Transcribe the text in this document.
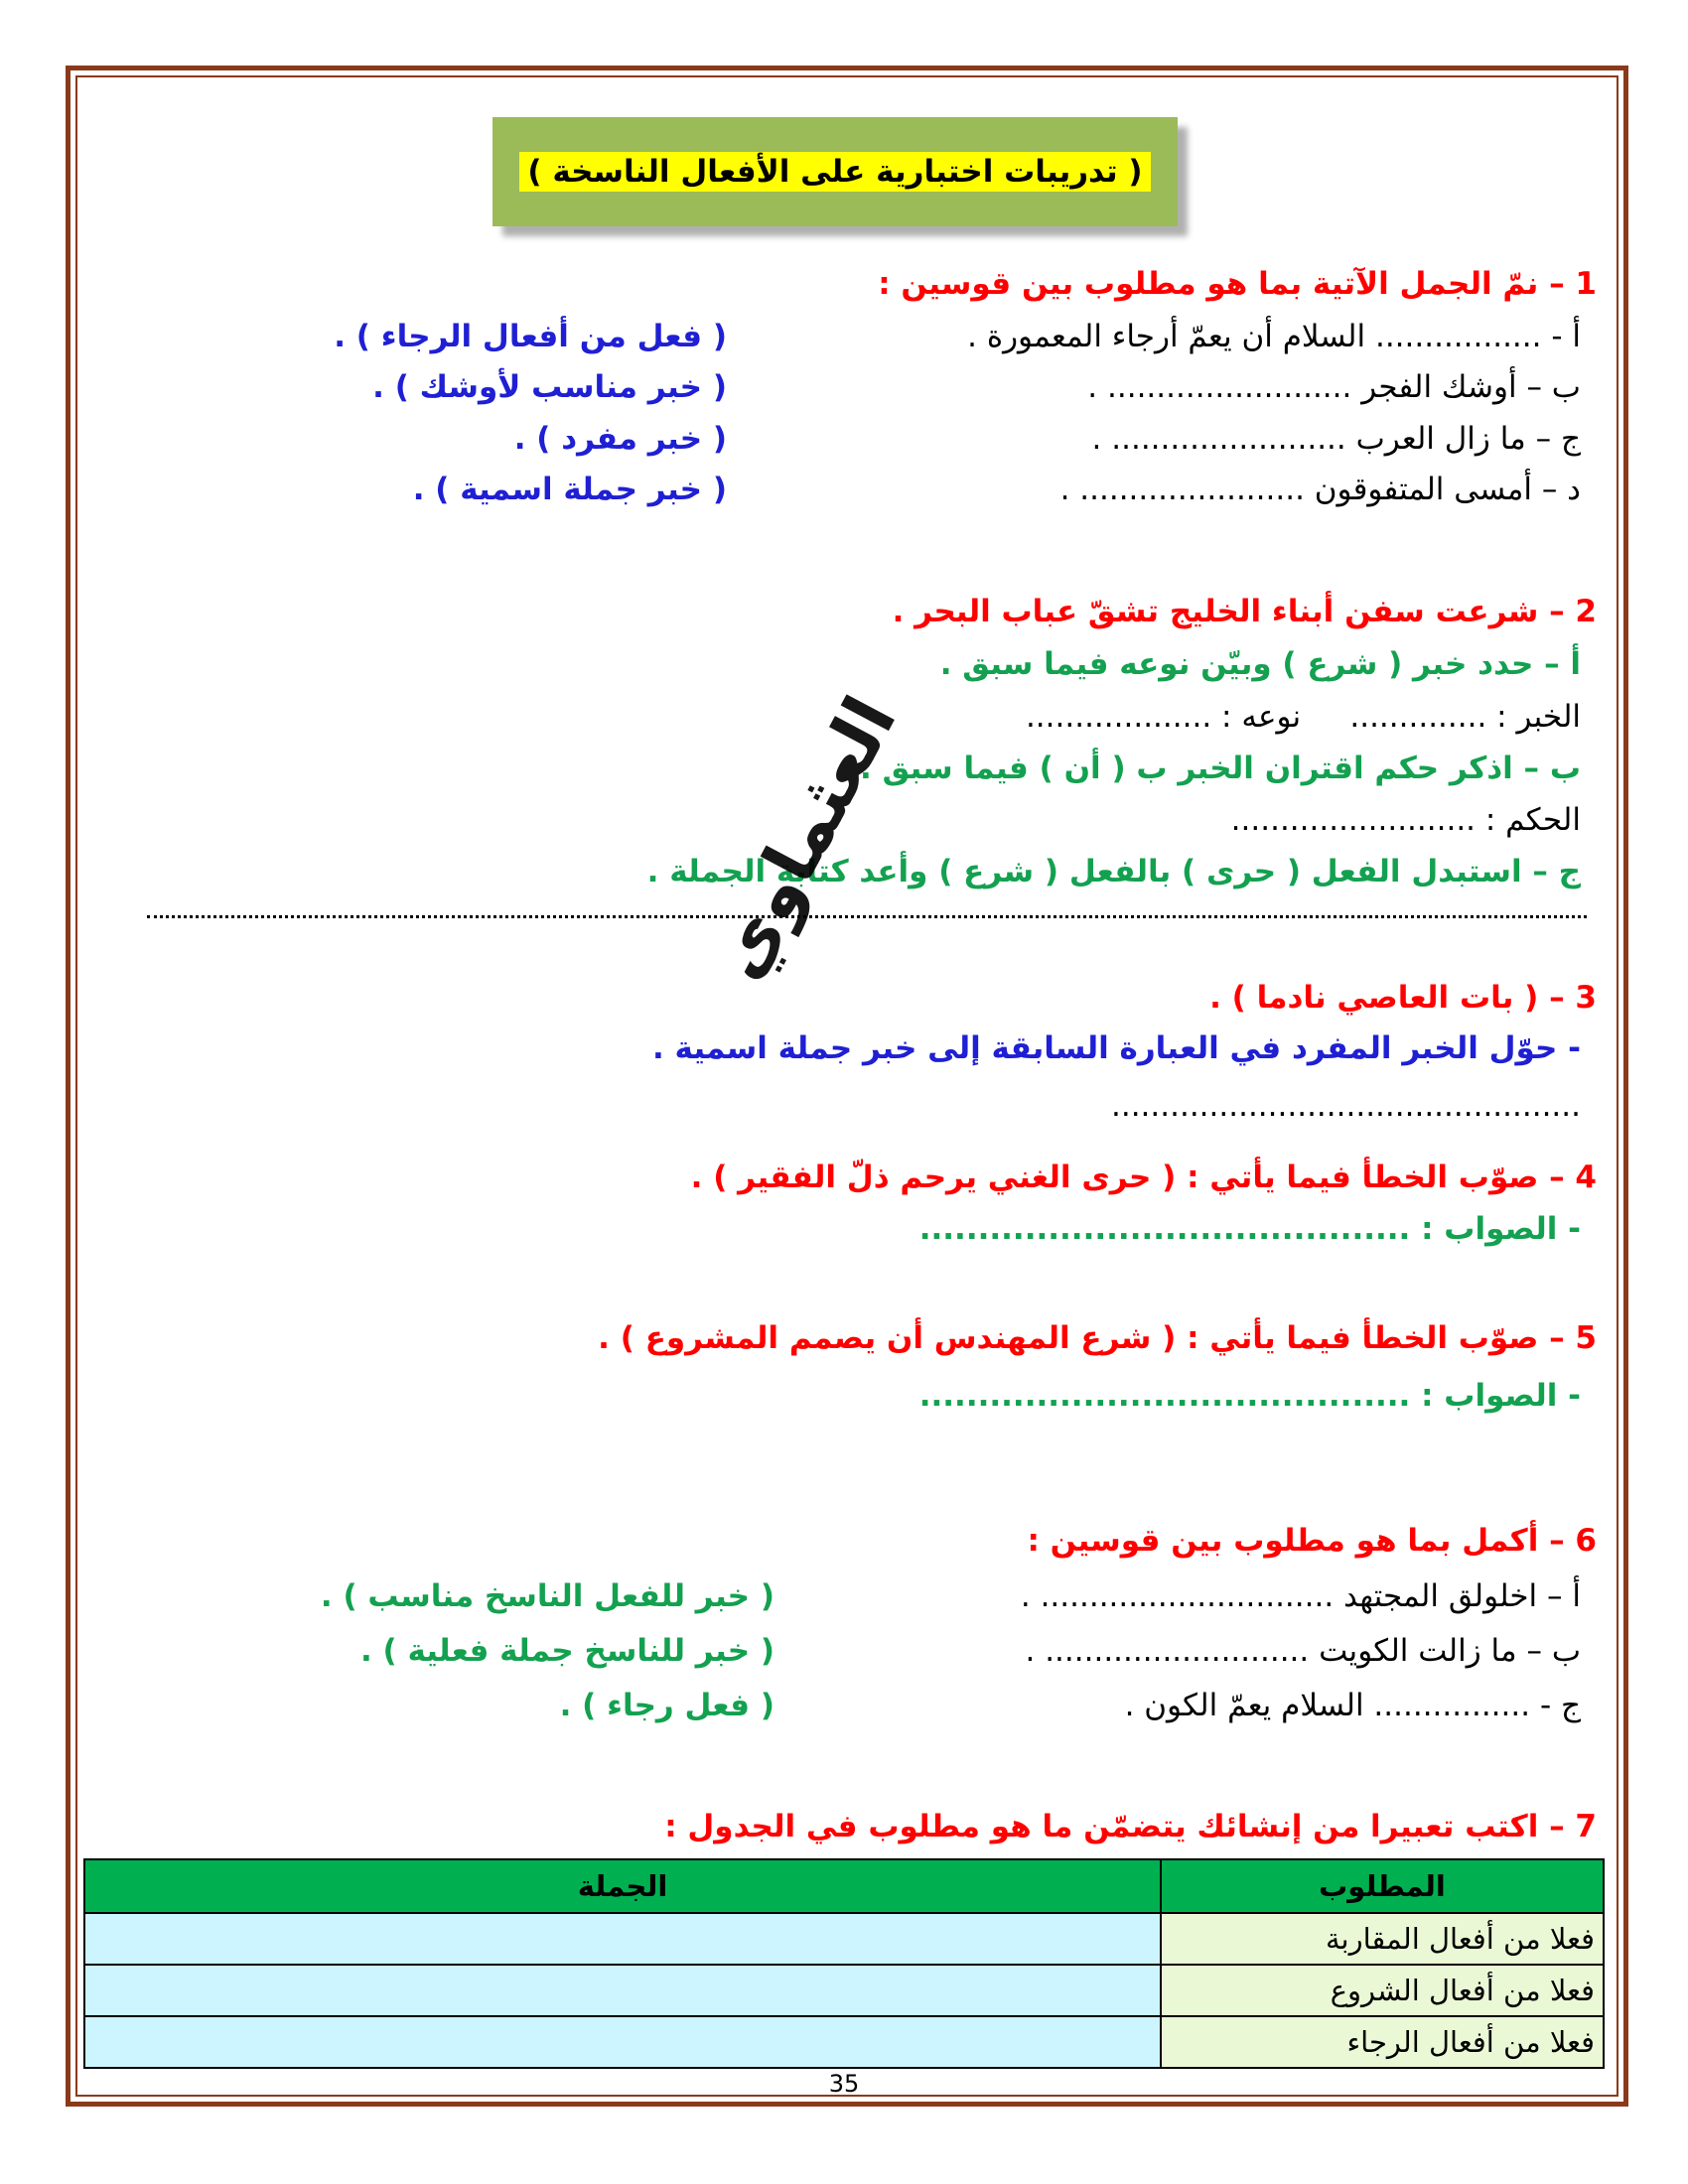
( تدريبات اختبارية على الأفعال الناسخة )
1 – نمّ الجمل الآتية بما هو مطلوب بين قوسين :
أ - ................. السلام أن يعمّ أرجاء المعمورة .
( فعل من أفعال الرجاء ) .
ب – أوشك الفجر ......................... .
( خبر مناسب لأوشك ) .
ج – ما زال العرب ........................ .
( خبر مفرد ) .
د – أمسى المتفوقون ....................... .
( خبر جملة اسمية ) .
2 – شرعت سفن أبناء الخليج تشقّ عباب البحر .
أ – حدد خبر ( شرع ) وبيّن نوعه فيما سبق .
الخبر : ..............     نوعه : ...................
ب – اذكر حكم اقتران الخبر ب ( أن ) فيما سبق .
الحكم : .........................
ج – استبدل الفعل ( حرى ) بالفعل ( شرع ) وأعد كتابة الجملة .
3 – ( بات العاصي نادما ) .
- حوّل الخبر المفرد في العبارة السابقة إلى خبر جملة اسمية .
................................................
4 – صوّب الخطأ فيما يأتي : ( حرى الغني يرحم ذلّ الفقير ) .
- الصواب : ..........................................
5 – صوّب الخطأ فيما يأتي : ( شرع المهندس أن يصمم المشروع ) .
- الصواب : ..........................................
6 – أكمل بما هو مطلوب بين قوسين :
أ – اخلولق المجتهد .............................. .
( خبر للفعل الناسخ مناسب ) .
ب – ما زالت الكويت ........................... .
( خبر للناسخ جملة فعلية ) .
ج - ................ السلام يعمّ الكون .
( فعل رجاء ) .
7 – اكتب تعبيرا من إنشائك يتضمّن ما هو مطلوب في الجدول :
المطلوب	الجملة
فعلا من أفعال المقاربة	
فعلا من أفعال الشروع	
فعلا من أفعال الرجاء	
العثماوي
35
